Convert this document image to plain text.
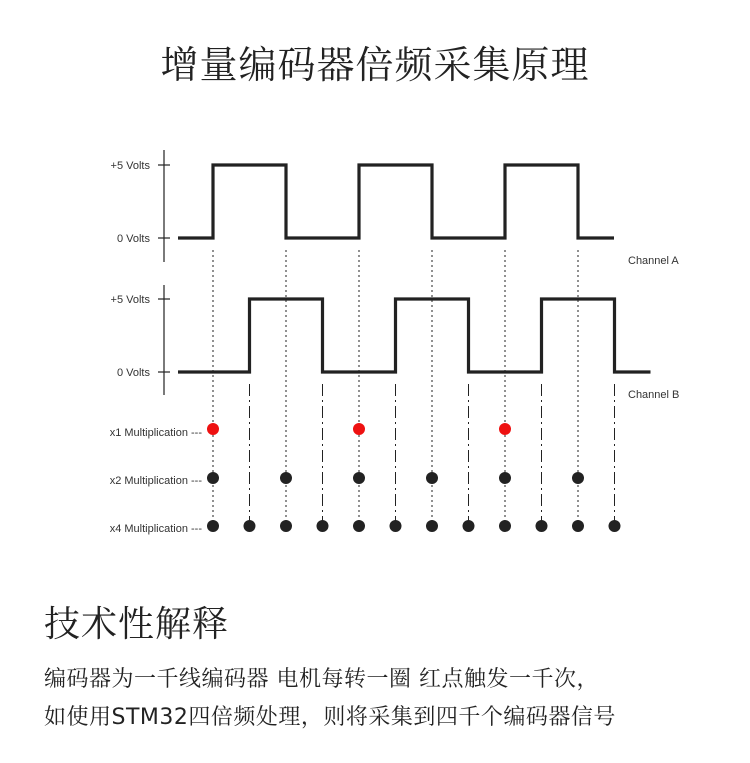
增量编码器倍频采集原理
+5 Volts
0 Volts
Channel A
+5 Volts
0 Volts
Channel B
x1 Multiplication ---
x2 Multiplication ---
x4 Multiplication ---
技术性解释
编码器为一千线编码器 电机每转一圈 红点触发一千次，
如使用STM32四倍频处理，则将采集到四千个编码器信号
